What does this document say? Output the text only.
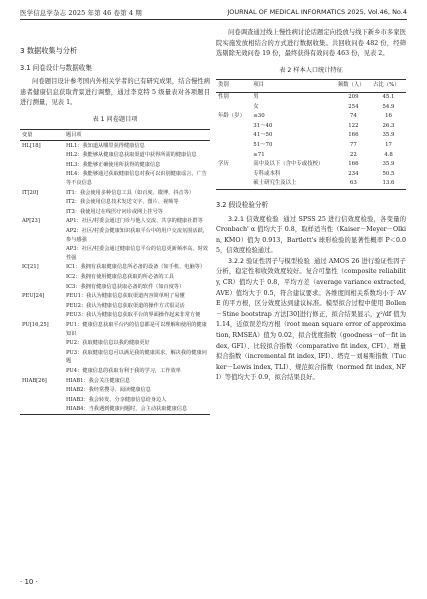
医学信息学杂志 2025 年第 46 卷第 4 期	JOURNAL OF MEDICAL INFORMATICS 2025, Vol.46, No.4
3 数据收集与分析
3.1 问卷设计与数据收集
问卷题目设计参考国内外相关学者的已有研究成果，结合慢性病患者健康信息获取背景进行调整，通过李克特 5 级量表对各项题目进行测量，见表 1。
表 1 问卷题目项
变量	题目项
HL[18]	HL1：我知道从哪里获得健康信息
	HL2：我能够从健康信息获取渠道中获得所需的健康信息
	HL3：我能够正确使用所获得的健康信息
	HL4：我能够通过获取健康信息对我可以识别健康谣言，广告等不良信息
IT[20]	IT1：我会使用多种信息工具（如百度、微博、抖音等）
	IT2：我会使用信息技术发送文字、图片、视频等
	IT3：我使用过在线医疗问诊或网上挂号等
AP[23]	AP1：社区/村委会通过门诊与他人交流、共享的健康社群等
	AP2：社区/村委会健康知识获取平台中的用户交流氛围活跃，参与感强
	AP3：社区/村委会通过健康信息平台的信息更新频率高，时效性强
IC[21]	IC1：我拥有获取健康信息所必备的设备（如手机、电脑等）
	IC2：我拥有使用健康信息获取的所必备的工具
	IC3：我拥有健康信息获取必备的软件（如百度等）
PEU[24]	PEU1：我认为健康信息获取渠道内容简单明了易懂
	PEU2：我认为健康信息获取渠道的操作方式很灵活
	PEU3：我认为健康信息获取平台的界面操作起来非常方便
PU[16,25]	PU1：健康信息获取平台内的信息都是可以理解和使用的健康知识
	PU2：获取健康信息以我的健康更好
	PU3：获取健康信息可以满足我的健康需求，解决我的健康问题
	PU4：健康信息的获取有利于我的学习，工作效率
HIAB[26]	HIAB1：我会关注健康信息
	HIAB2：我经常搜寻、阅读健康信息
	HIAB3：我会转发、分享健康信息给身边人
	HIAB4：当我遇到健康问题时，会主动获取健康信息
问卷调查通过线上慢性病讨论话题定向投放与线下新乡市多家医院实施发放相结合的方式进行数据收集。共回收问卷 482 份，经筛选剔除无效问卷 19 份，最终获得有效问卷 463 份，见表 2。
表 2 样本人口统计特征
类别	项目	频数（人）	占比（%）
性别	男	209	45.1
	女	254	54.9
年龄（岁）	≤30	74	16
	31～40	122	26.3
	41～50	166	35.9
	51～70	77	17
	≥71	22	4.8
学历	高中及以下（含中专或技校）	166	35.9
	专科或本科	234	50.5
	硕士研究生及以上	63	13.6
3.2 假设检验分析
3.2.1 信效度检验 通过 SPSS 25 进行信效度检验，各变量的 Cronbach' α 值均大于 0.8，取样适当性（Kaiser－Meyer－Olkin, KMO）值为 0.913，Bartlett's 球形检验的显著性概率 P＜0.05，信效度检验通过。
3.2.2 验证性因子与模型检验 通过 AMOS 26 进行验证性因子分析，稳定性和收敛效度较好。复合可靠性（composite reliability, CR）值均大于 0.8，平均方差（average variance extracted, AVE）值均大于 0.5，符合建议要求。各维度间相关系数均小于 AVE 的平方根，区分效度达到建议标准。模型拟合过程中使用 Bollen－Stine bootstrap 方法[30]进行修正，拟合结果显示，χ²/df 值为 1.14，近似误差均方根（root mean square error of approximation, RMSEA）值为 0.02，拟合优度指数（goodness－of－fit index, GFI）、比较拟合指数（comparative fit index, CFI）、增量拟合指数（incremental fit index, IFI）、塔克－刘易斯指数（Tucker－Lewis index, TLI）、规范拟合指数（normed fit index, NFI）等值均大于 0.9，拟合结果良好。
· 10 ·
